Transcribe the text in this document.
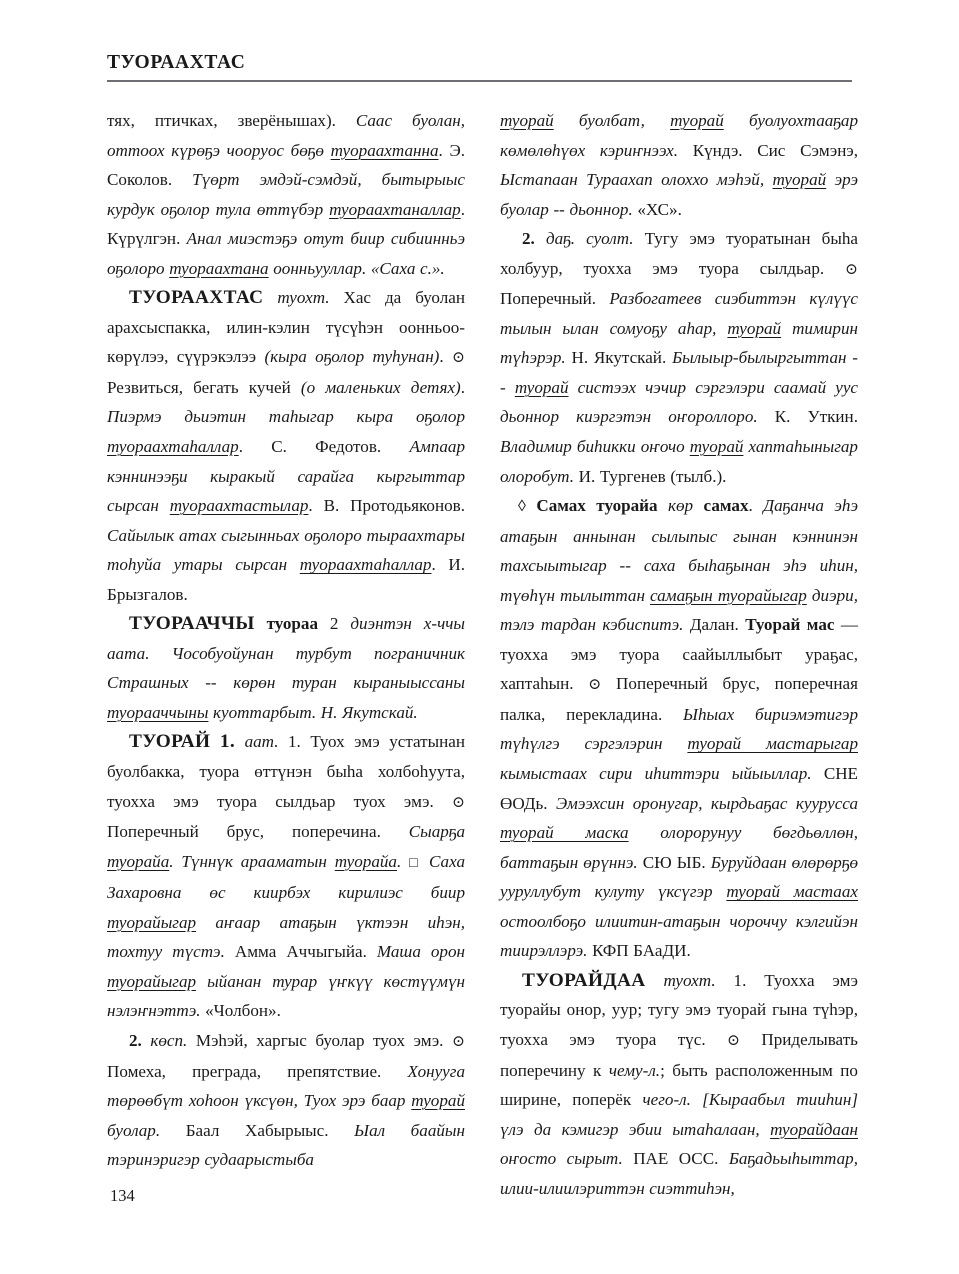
ТУОРААХТАС

тях, птичках, зверёнышах). Саас буолан, оттоох күрөҕэ чооруос бөҕө туораахтанна. Э. Соколов. Түөрт эмдэй-сэмдэй, бытырыыс курдук оҕолор тула өттүбэр туораахтаналлар. Күрүлгэн. Анал миэстэҕэ отут биир сибиинньэ оҕолоро туораахтана оонньууллар. «Саха с.».

ТУОРААХТАС туохт. Хас да буолан арахсыспакка, илин-кэлин түсүһэн оонньоо-көрүлээ, сүүрэкэлээ (кыра оҕолор туһунан). ⊙ Резвиться, бегать кучей (о маленьких детях). Пиэрмэ дьиэтин таһыгар кыра оҕолор туораахтаһаллар. С. Федотов. Ампаар кэннинээҕи кыракый сарайга кыргыттар сырсан туораахтастылар. В. Протодьяконов. Сайылык атах сыгынньах оҕолоро тыраахтары тоһуйа утары сырсан туораахтаһаллар. И. Брызгалов.

ТУОРААЧЧЫ туораа 2 диэнтэн х-ччы аата. Чособуойунан турбут пограничник Страшных -- көрөн туран кыраныыссаны туорааччыны куоттарбыт. Н. Якутскай.

ТУОРАЙ 1. аат. 1. Туох эмэ устатынан буолбакка, туора өттүнэн быһа холбоһуута, туохха эмэ туора сылдьар туох эмэ. ⊙ Поперечный брус, поперечина. Сыарҕа туорайа. Түннүк арааматын туорайа. □ Саха Захаровна өс киирбэх кирилиэс биир туорайыгар аҥаар атаҕын үктээн иһэн, тохтуу түстэ. Амма Аччыгыйа. Маша орон туорайыгар ыйанан турар үҥкүү көстүүмүн нэлэҥнэттэ. «Чолбон».

2. көсп. Мэһэй, харгыс буолар туох эмэ. ⊙ Помеха, преграда, препятствие. Хонууга төрөөбүт хоһоон үксүөн, Туох эрэ баар туорай буолар. Баал Хабырыыс. Ыал баайын тэринэригэр судаарыстыба

туорай буолбат, туорай буолуохтааҕар көмөлөһүөх кэриҥнээх. Күндэ. Сис Сэмэнэ, Ыстапаан Тураахап олоххо мэһэй, туорай эрэ буолар -- дьоннор. «ХС».

2. даҕ. суолт. Тугу эмэ туоратынан быһа холбуур, туохха эмэ туора сылдьар. ⊙ Поперечный. Разбогатеев сиэбиттэн күлүүс тылын ылан сомуоҕу аһар, туорай тимирин түһэрэр. Н. Якутскай. Былыыр-былыргыттан -- туорай систээх чэчир сэргэлэри саамай уус дьоннор киэргэтэн оҥороллоро. К. Уткин. Владимир биһикки оҥочо туорай хаптаһыныгар олоробут. И. Тургенев (тылб.).

◊ Самах туорайа көр самах. Даҕанча эһэ атаҕын аннынан сылыпыс гынан кэннинэн тахсыытыгар -- саха быһаҕынан эһэ иһин, түөһүн тылыттан самаҕын туорайыгар диэри, тэлэ тардан кэбиспитэ. Далан. Туорай мас — туохха эмэ туора саайыллыбыт ураҕас, хаптаһын. ⊙ Поперечный брус, поперечная палка, перекладина. Ыһыах бириэмэтигэр түһүлгэ сэргэлэрин туорай мастарыгар кымыстаах сири иһиттэри ыйыыллар. СНЕ ӨОДь. Эмээхсин оронугар, кырдьаҕас куурусса туорай маска олорорунуу бөгдьөллөн, баттаҕын өрүннэ. СЮ ЫБ. Буруйдаан өлөрөрҕө ууруллубут кулуту үксүгэр туорай мастаах остоолбоҕо илиитин-атаҕын чороччу кэлгийэн тиирэллэрэ. КФП БАаДИ.

ТУОРАЙДАА туохт. 1. Туохха эмэ туорайы онор, уур; тугу эмэ туорай гына түһэр, туохха эмэ туора түс. ⊙ Приделывать поперечину к чему-л.; быть расположенным по ширине, поперёк чего-л. [Кыраабыл тииһин] үлэ да кэмигэр эбии ытаһалаан, туорайдаан оҥосто сырыт. ПАЕ ОСС. Баҕадьыһыттар, илии-илиилэриттэн сиэттиһэн,

134
